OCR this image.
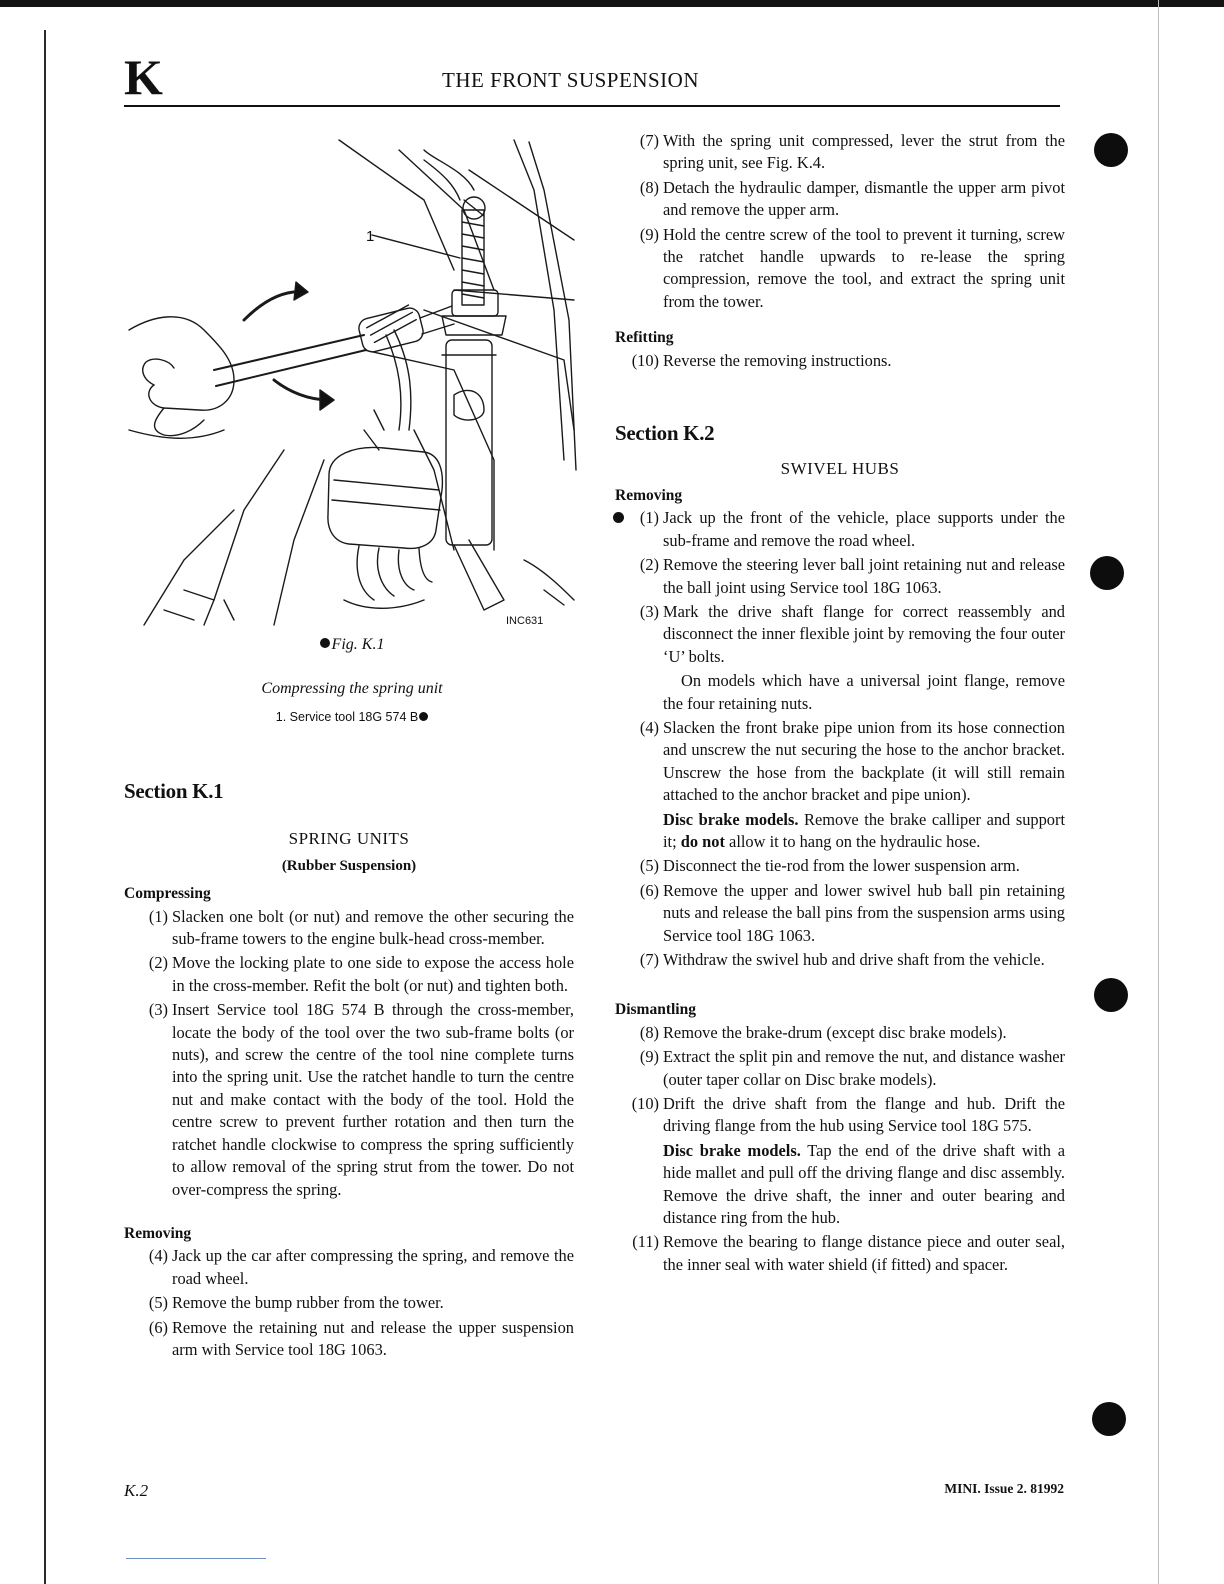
K	THE FRONT SUSPENSION
1
INC631
Fig. K.1
Compressing the spring unit
1. Service tool 18G 574 B
Section K.1
SPRING UNITS
(Rubber Suspension)
Compressing
(1) Slacken one bolt (or nut) and remove the other securing the sub-frame towers to the engine bulk-head cross-member.
(2) Move the locking plate to one side to expose the access hole in the cross-member. Refit the bolt (or nut) and tighten both.
(3) Insert Service tool 18G 574 B through the cross-member, locate the body of the tool over the two sub-frame bolts (or nuts), and screw the centre of the tool nine complete turns into the spring unit. Use the ratchet handle to turn the centre nut and make contact with the body of the tool. Hold the centre screw to prevent further rotation and then turn the ratchet handle clockwise to compress the spring sufficiently to allow removal of the spring strut from the tower. Do not over-compress the spring.
Removing
(4) Jack up the car after compressing the spring, and remove the road wheel.
(5) Remove the bump rubber from the tower.
(6) Remove the retaining nut and release the upper suspension arm with Service tool 18G 1063.
(7) With the spring unit compressed, lever the strut from the spring unit, see Fig. K.4.
(8) Detach the hydraulic damper, dismantle the upper arm pivot and remove the upper arm.
(9) Hold the centre screw of the tool to prevent it turning, screw the ratchet handle upwards to re-lease the spring compression, remove the tool, and extract the spring unit from the tower.
Refitting
(10) Reverse the removing instructions.
Section K.2
SWIVEL HUBS
Removing
(1) Jack up the front of the vehicle, place supports under the sub-frame and remove the road wheel.
(2) Remove the steering lever ball joint retaining nut and release the ball joint using Service tool 18G 1063.
(3) Mark the drive shaft flange for correct reassembly and disconnect the inner flexible joint by removing the four outer ‘U’ bolts.
On models which have a universal joint flange, remove the four retaining nuts.
(4) Slacken the front brake pipe union from its hose connection and unscrew the nut securing the hose to the anchor bracket. Unscrew the hose from the backplate (it will still remain attached to the anchor bracket and pipe union).
Disc brake models. Remove the brake calliper and support it; do not allow it to hang on the hydraulic hose.
(5) Disconnect the tie-rod from the lower suspension arm.
(6) Remove the upper and lower swivel hub ball pin retaining nuts and release the ball pins from the suspension arms using Service tool 18G 1063.
(7) Withdraw the swivel hub and drive shaft from the vehicle.
Dismantling
(8) Remove the brake-drum (except disc brake models).
(9) Extract the split pin and remove the nut, and distance washer (outer taper collar on Disc brake models).
(10) Drift the drive shaft from the flange and hub. Drift the driving flange from the hub using Service tool 18G 575.
Disc brake models. Tap the end of the drive shaft with a hide mallet and pull off the driving flange and disc assembly. Remove the drive shaft, the inner and outer bearing and distance ring from the hub.
(11) Remove the bearing to flange distance piece and outer seal, the inner seal with water shield (if fitted) and spacer.
K.2	MINI. Issue 2. 81992
